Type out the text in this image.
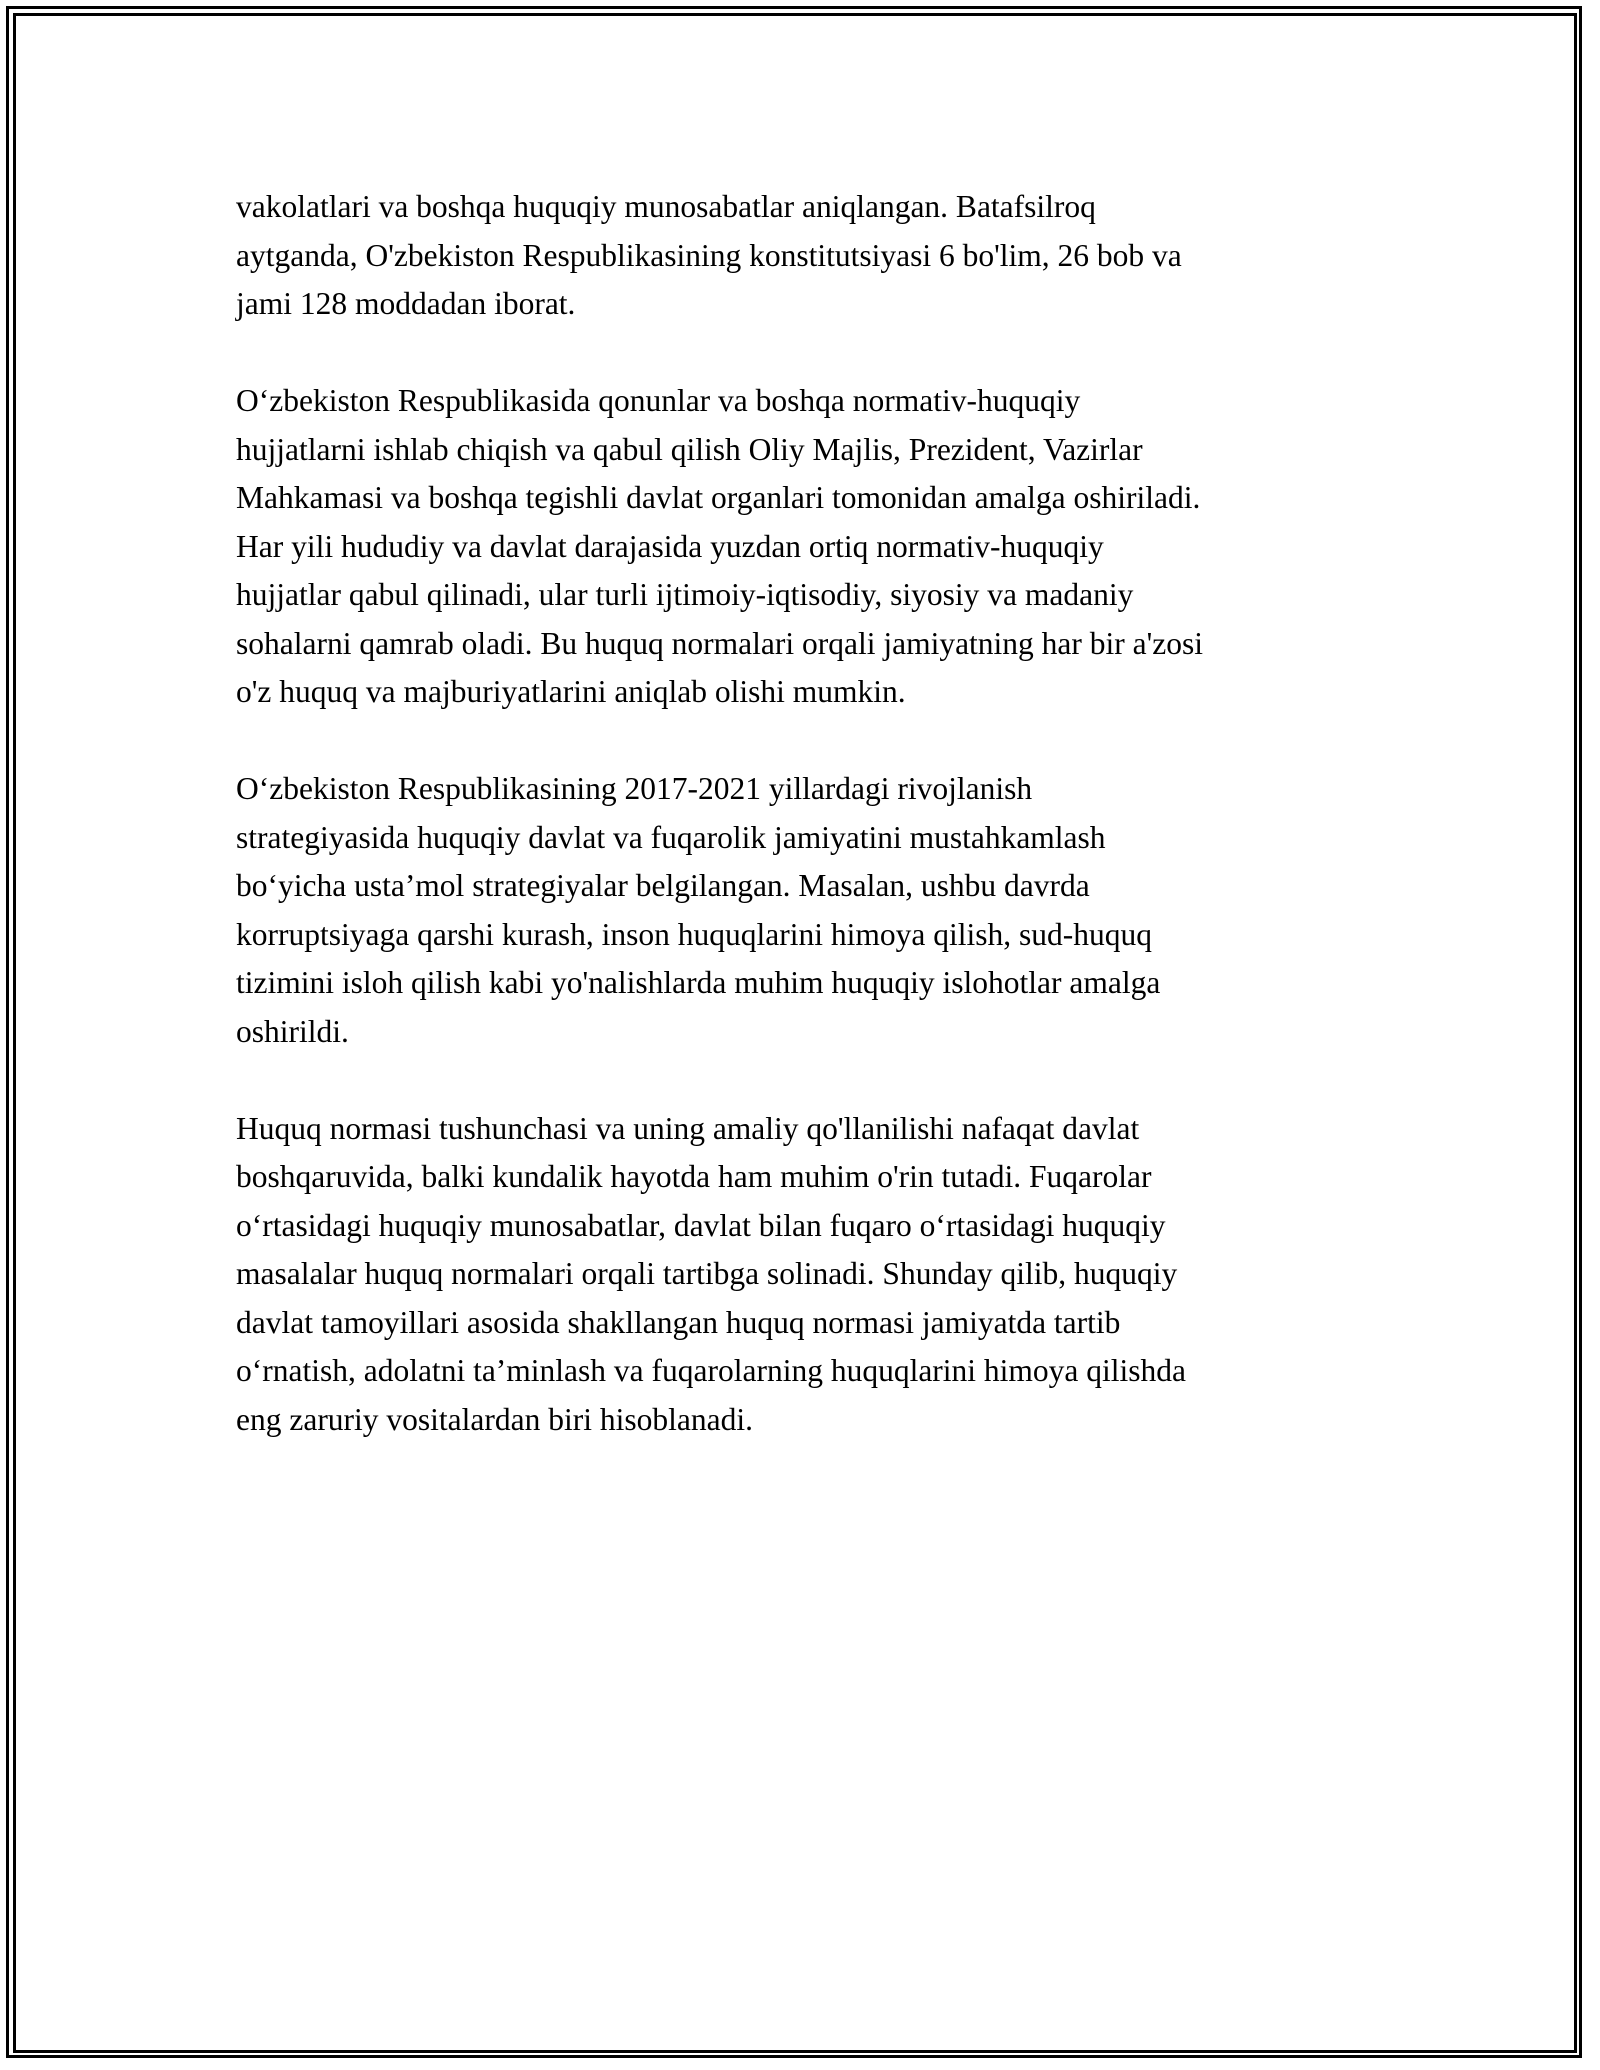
vakolatlari va boshqa huquqiy munosabatlar aniqlangan. Batafsilroq
aytganda, O'zbekiston Respublikasining konstitutsiyasi 6 bo'lim, 26 bob va
jami 128 moddadan iborat.

O‘zbekiston Respublikasida qonunlar va boshqa normativ-huquqiy
hujjatlarni ishlab chiqish va qabul qilish Oliy Majlis, Prezident, Vazirlar
Mahkamasi va boshqa tegishli davlat organlari tomonidan amalga oshiriladi.
Har yili hududiy va davlat darajasida yuzdan ortiq normativ-huquqiy
hujjatlar qabul qilinadi, ular turli ijtimoiy-iqtisodiy, siyosiy va madaniy
sohalarni qamrab oladi. Bu huquq normalari orqali jamiyatning har bir a'zosi
o'z huquq va majburiyatlarini aniqlab olishi mumkin.

O‘zbekiston Respublikasining 2017-2021 yillardagi rivojlanish
strategiyasida huquqiy davlat va fuqarolik jamiyatini mustahkamlash
bo‘yicha usta’mol strategiyalar belgilangan. Masalan, ushbu davrda
korruptsiyaga qarshi kurash, inson huquqlarini himoya qilish, sud-huquq
tizimini isloh qilish kabi yo'nalishlarda muhim huquqiy islohotlar amalga
oshirildi.

Huquq normasi tushunchasi va uning amaliy qo'llanilishi nafaqat davlat
boshqaruvida, balki kundalik hayotda ham muhim o'rin tutadi. Fuqarolar
o‘rtasidagi huquqiy munosabatlar, davlat bilan fuqaro o‘rtasidagi huquqiy
masalalar huquq normalari orqali tartibga solinadi. Shunday qilib, huquqiy
davlat tamoyillari asosida shakllangan huquq normasi jamiyatda tartib
o‘rnatish, adolatni ta’minlash va fuqarolarning huquqlarini himoya qilishda
eng zaruriy vositalardan biri hisoblanadi.
